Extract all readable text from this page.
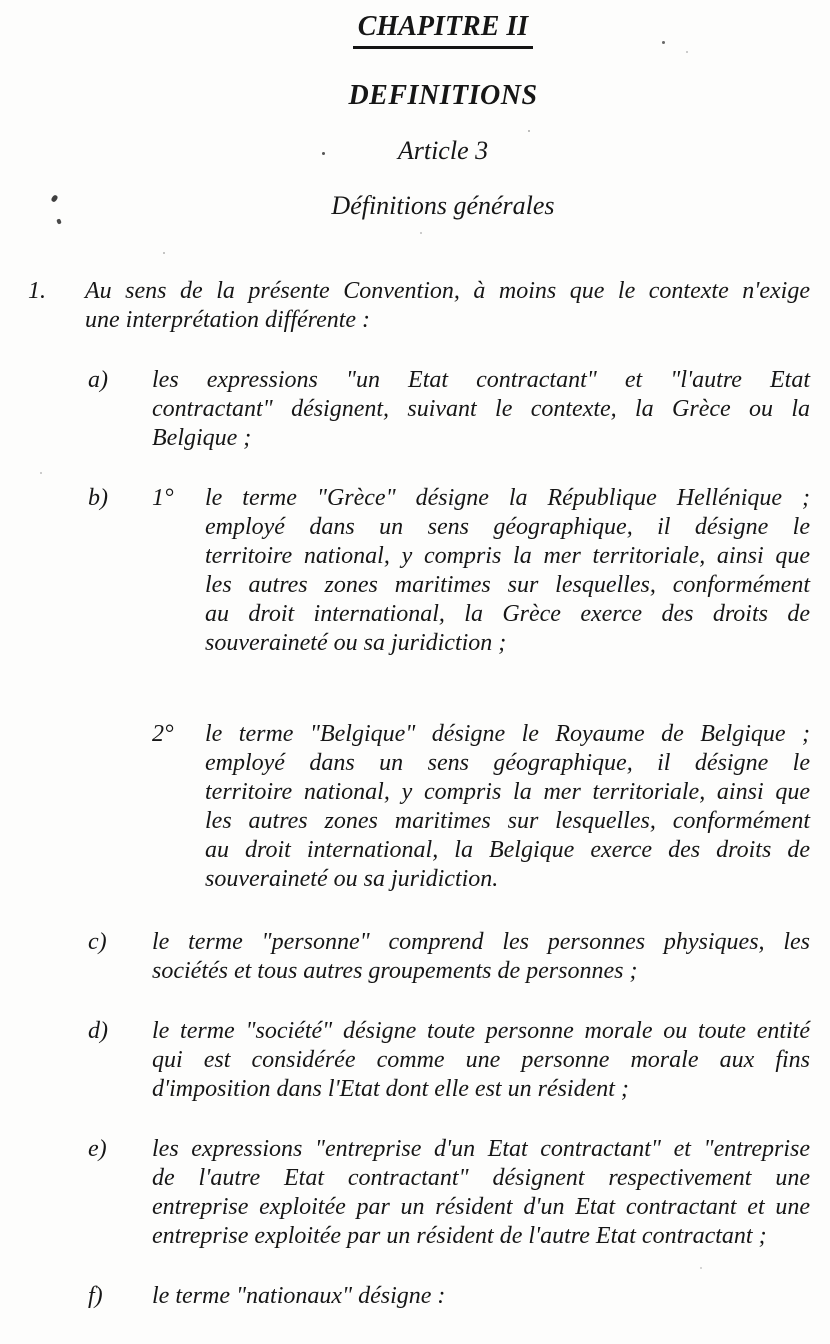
CHAPITRE II
DEFINITIONS
Article 3
Définitions générales
1.	Au sens de la présente Convention, à moins que le contexte n'exige
une interprétation différente :
a)	les expressions "un Etat contractant" et "l'autre Etat
contractant" désignent, suivant le contexte, la Grèce ou la
Belgique ;
b)	1°	le terme "Grèce" désigne la République Hellénique ;
employé dans un sens géographique, il désigne le
territoire national, y compris la mer territoriale, ainsi que
les autres zones maritimes sur lesquelles, conformément
au droit international, la Grèce exerce des droits de
souveraineté ou sa juridiction ;
2°	le terme "Belgique" désigne le Royaume de Belgique ;
employé dans un sens géographique, il désigne le
territoire national, y compris la mer territoriale, ainsi que
les autres zones maritimes sur lesquelles, conformément
au droit international, la Belgique exerce des droits de
souveraineté ou sa juridiction.
c)	le terme "personne" comprend les personnes physiques, les
sociétés et tous autres groupements de personnes ;
d)	le terme "société" désigne toute personne morale ou toute entité
qui est considérée comme une personne morale aux fins
d'imposition dans l'Etat dont elle est un résident ;
e)	les expressions "entreprise d'un Etat contractant" et "entreprise
de l'autre Etat contractant" désignent respectivement une
entreprise exploitée par un résident d'un Etat contractant et une
entreprise exploitée par un résident de l'autre Etat contractant ;
f)	le terme "nationaux" désigne :
